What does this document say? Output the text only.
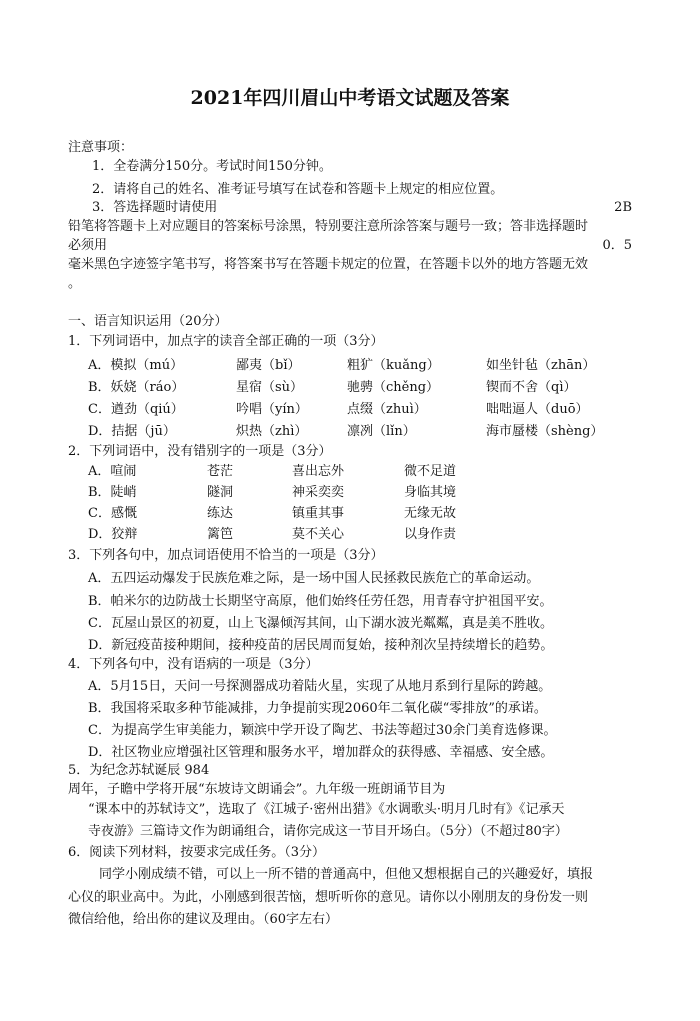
2021年四川眉山中考语文试题及答案
注意事项：
1．全卷满分150分。考试时间150分钟。
2．请将自己的姓名、准考证号填写在试卷和答题卡上规定的相应位置。
3．答选择题时请使用	2B
铅笔将答题卡上对应题目的答案标号涂黑，特别要注意所涂答案与题号一致；答非选择题时
必须用	0．5
毫米黑色字迹签字笔书写，将答案书写在答题卡规定的位置，在答题卡以外的地方答题无效
。
一、语言知识运用（20分）
1．下列词语中，加点字的读音全部正确的一项（3分）
A．模拟（mú）	鄙夷（bǐ）	粗犷（kuǎng）	如坐针毡（zhān）
B．妖娆（ráo）	星宿（sù）	驰骋（chěng）	锲而不舍（qì）
C．遒劲（qiú）	吟唱（yín）	点缀（zhuì）	咄咄逼人（duō）
D．拮据（jū）	炽热（zhì）	凛冽（lǐn）	海市蜃楼（shèng）
2．下列词语中，没有错别字的一项是（3分）
A．喧闹	苍茫	喜出忘外	微不足道
B．陡峭	隧洞	神采奕奕	身临其境
C．感慨	练达	镇重其事	无缘无故
D．狡辩	篱笆	莫不关心	以身作责
3．下列各句中，加点词语使用不恰当的一项是（3分）
A．五四运动爆发于民族危难之际，是一场中国人民拯救民族危亡的革命运动。
B．帕米尔的边防战士长期坚守高原，他们始终任劳任怨，用青春守护祖国平安。
C．瓦屋山景区的初夏，山上飞瀑倾泻其间，山下湖水波光粼粼，真是美不胜收。
D．新冠疫苗接种期间，接种疫苗的居民周而复始，接种剂次呈持续增长的趋势。
4．下列各句中，没有语病的一项是（3分）
A．5月15日，天问一号探测器成功着陆火星，实现了从地月系到行星际的跨越。
B．我国将采取多种节能减排，力争提前实现2060年二氧化碳“零排放”的承诺。
C．为提高学生审美能力，颖滨中学开设了陶艺、书法等超过30余门美育选修课。
D．社区物业应增强社区管理和服务水平，增加群众的获得感、幸福感、安全感。
5．为纪念苏轼诞辰 984
周年，子瞻中学将开展“东坡诗文朗诵会”。九年级一班朗诵节目为
“课本中的苏轼诗文”，选取了《江城子·密州出猎》《水调歌头·明月几时有》《记承天
寺夜游》三篇诗文作为朗诵组合，请你完成这一节目开场白。（5分）（不超过80字）
6．阅读下列材料，按要求完成任务。（3分）
同学小刚成绩不错，可以上一所不错的普通高中，但他又想根据自己的兴趣爱好，填报
心仪的职业高中。为此，小刚感到很苦恼，想听听你的意见。请你以小刚朋友的身份发一则
微信给他，给出你的建议及理由。（60字左右）
